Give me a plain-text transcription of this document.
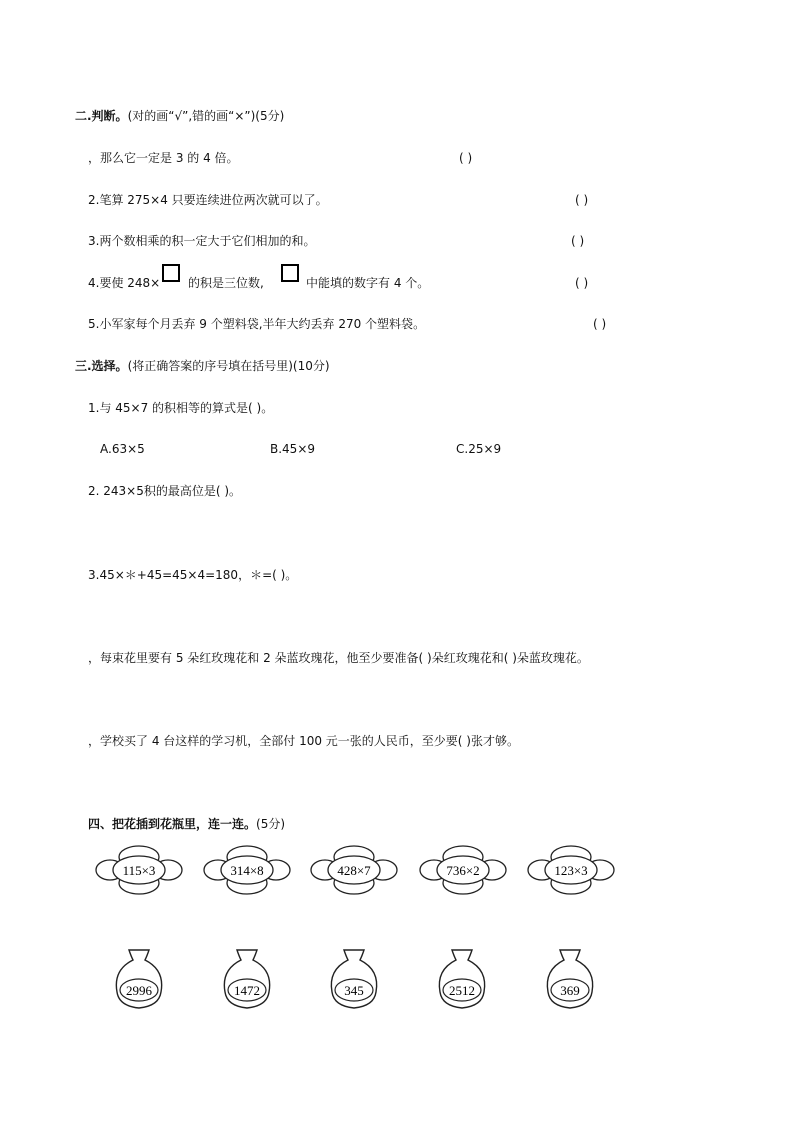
二.判断。(对的画“√”,错的画“×”)(5分)
，那么它一定是 3 的 4 倍。	( )
2.笔算 275×4 只要连续进位两次就可以了。	( )
3.两个数相乘的积一定大于它们相加的和。	( )
4.要使 248× 的积是三位数,	中能填的数字有 4 个。	( )
5.小军家每个月丢弃 9 个塑料袋,半年大约丢弃 270 个塑料袋。	( )
三.选择。(将正确答案的序号填在括号里)(10分)
1.与 45×7 的积相等的算式是( )。
A.63×5	B.45×9	C.25×9
2. 243×5积的最高位是( )。
3.45×＊+45=45×4=180，＊=( )。
，每束花里要有 5 朵红玫瑰花和 2 朵蓝玫瑰花，他至少要准备( )朵红玫瑰花和( )朵蓝玫瑰花。
，学校买了 4 台这样的学习机，全部付 100 元一张的人民币，至少要( )张才够。
四、把花插到花瓶里，连一连。(5分)
115×3	314×8	428×7	736×2	123×3
2996	1472	345	2512	369
